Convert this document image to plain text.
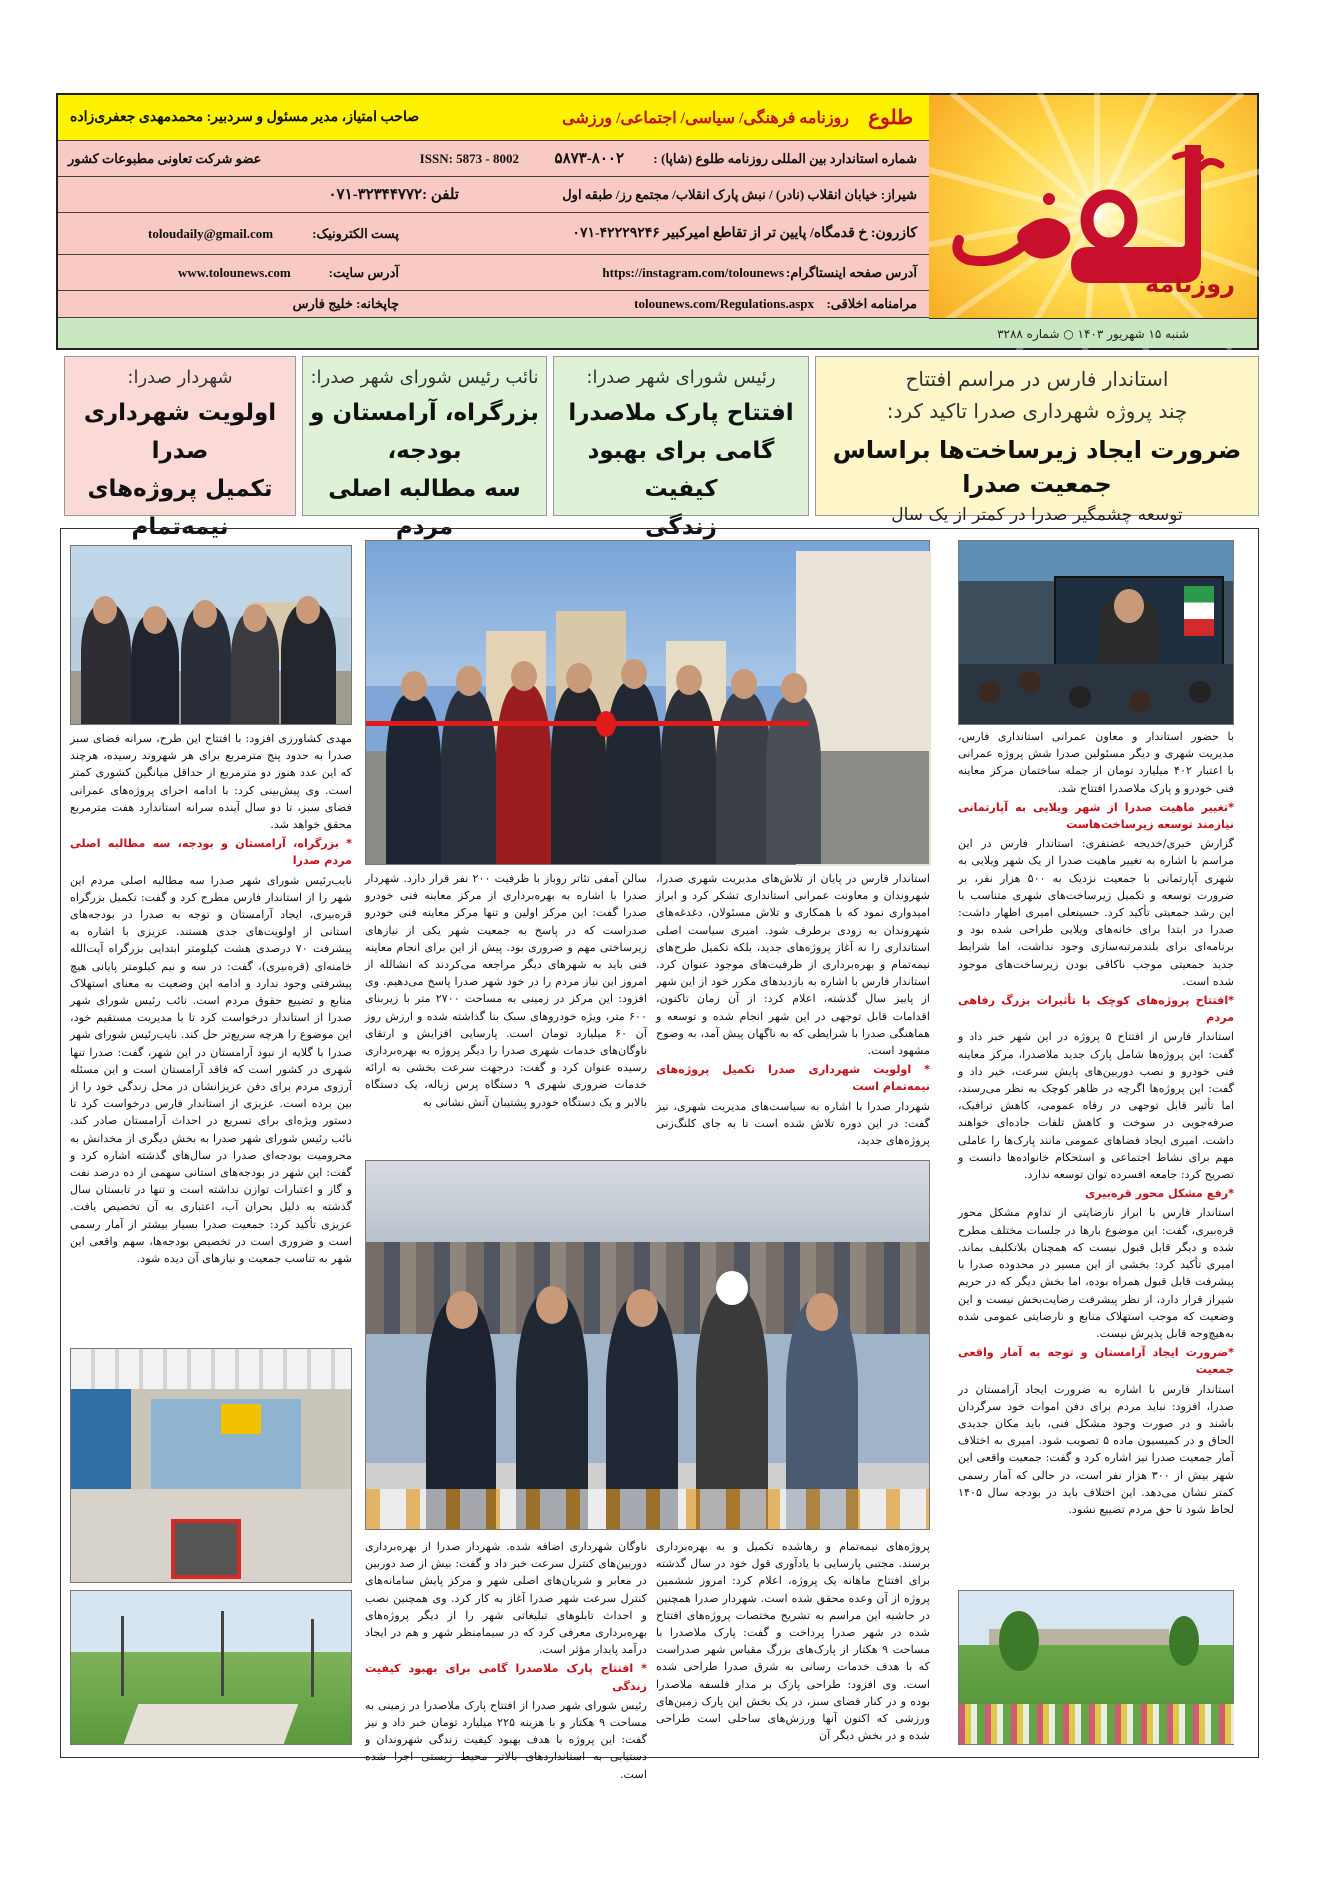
روزنامه
شنبه ۱۵ شهریور ۱۴۰۳ ○ شماره ۳۲۸۸
طلوع
روزنامه فرهنگی/ سیاسی/ اجتماعی/ ورزشی
صاحب امتیاز، مدیر مسئول و سردبیر: محمدمهدی جعفری‌زاده
شماره استاندارد بین المللی روزنامه طلوع (شاپا) :
۵۸۷۳-۸۰۰۲
ISSN: 5873 - 8002
عضو شرکت تعاونی مطبوعات کشور
شیراز: خیابان انقلاب (نادر) / نبش پارک انقلاب/ مجتمع رز/ طبقه اول
تلفن :۳۲۳۴۴۷۷۲-۰۷۱
کازرون: خ قدمگاه/ پایین تر از تقاطع امیرکبیر ۴۲۲۲۹۲۴۶-۰۷۱
پست الکترونیک:
toloudaily@gmail.com
آدرس صفحه اینستاگرام:
https://instagram.com/tolounews
آدرس سایت:
www.tolounews.com
مرامنامه اخلاقی:
tolounews.com/Regulations.aspx
چاپخانه: خلیج فارس
استاندار فارس در مراسم افتتاح
چند پروژه شهرداری صدرا تاکید کرد:
ضرورت ایجاد زیرساخت‌ها براساس جمعیت صدرا
توسعه چشمگیر صدرا در کمتر از یک سال
رئیس شورای شهر صدرا:
افتتاح پارک ملاصدرا
گامی برای بهبود کیفیت
زندگی
نائب رئیس شورای شهر صدرا:
بزرگراه، آرامستان و بودجه،
سه مطالبه اصلی مردم
شهردار صدرا:
اولویت شهرداری صدرا
تکمیل پروژه‌های نیمه‌تمام

با حضور استاندار و معاون عمرانی استانداری فارس، مدیریت شهری و دیگر مسئولین صدرا شش پروژه عمرانی با اعتبار ۴۰۲ میلیارد تومان از جمله ساختمان مرکز معاینه فنی خودرو و پارک ملاصدرا افتتاح شد.

*تغییر ماهیت صدرا از شهر ویلایی به آپارتمانی نیازمند توسعه زیرساخت‌هاست

گزارش خبری/خدیجه غضنفری: استاندار فارس در این مراسم با اشاره به تغییر ماهیت صدرا از یک شهر ویلایی به شهری آپارتمانی با جمعیت نزدیک به ۵۰۰ هزار نفر، بر ضرورت توسعه و تکمیل زیرساخت‌های شهری متناسب با این رشد جمعیتی تأکید کرد. حسینعلی امیری اظهار داشت: صدرا در ابتدا برای خانه‌های ویلایی طراحی شده بود و برنامه‌ای برای بلندمرتبه‌سازی وجود نداشت، اما شرایط جدید جمعیتی موجب ناکافی بودن زیرساخت‌های موجود شده است.

*افتتاح پروژه‌های کوچک با تأثیرات بزرگ رفاهی مردم

استاندار فارس از افتتاح ۵ پروژه در این شهر خبر داد و گفت: این پروژه‌ها شامل پارک جدید ملاصدرا، مرکز معاینه فنی خودرو و نصب دوربین‌های پایش سرعت، خیر داد و گفت: این پروژه‌ها اگرچه در ظاهر کوچک به نظر می‌رسند، اما تأثیر قابل توجهی در رفاه عمومی، کاهش ترافیک، صرفه‌جویی در سوخت و کاهش تلفات جاده‌ای خواهند داشت. امیری ایجاد فضاهای عمومی مانند پارک‌ها را عاملی مهم برای نشاط اجتماعی و استحکام خانواده‌ها دانست و تصریح کرد: جامعه افسرده توان توسعه ندارد.

*رفع مشکل محور قرەبیری

استاندار فارس با ابراز نارضایتی از تداوم مشکل محور قره‌بیری، گفت: این موضوع بارها در جلسات مختلف مطرح شده و دیگر قابل قبول نیست که همچنان بلاتکلیف بماند. امیری تأکید کرد: بخشی از این مسیر در محدوده صدرا با پیشرفت قابل قبول همراه بوده، اما بخش دیگر که در حریم شیراز قرار دارد، از نظر پیشرفت رضایت‌بخش نیست و این وضعیت که موجب استهلاک منابع و نارضایتی عمومی شده به‌هیچ‌وجه قابل پذیرش نیست.

*ضرورت ایجاد آرامستان و توجه به آمار واقعی جمعیت

استاندار فارس با اشاره به ضرورت ایجاد آرامستان در صدرا، افزود: نباید مردم برای دفن اموات خود سرگردان باشند و در صورت وجود مشکل فنی، باید مکان جدیدی الحاق و در کمیسیون ماده ۵ تصویب شود. امیری به اختلاف آمار جمعیت صدرا نیز اشاره کرد و گفت: جمعیت واقعی این شهر بیش از ۳۰۰ هزار نفر است، در حالی که آمار رسمی کمتر نشان می‌دهد. این اختلاف باید در بودجه سال ۱۴۰۵ لحاظ شود تا حق مردم تضییع نشود.

استاندار فارس در پایان از تلاش‌های مدیریت شهری صدرا، شهروندان و معاونت عمرانی استانداری تشکر کرد و ابراز امیدواری نمود که با همکاری و تلاش مسئولان، دغدغه‌های شهروندان به زودی برطرف شود. امیری سیاست اصلی استانداری را نه آغاز پروژه‌های جدید، بلکه تکمیل طرح‌های نیمه‌تمام و بهره‌برداری از ظرفیت‌های موجود عنوان کرد. استاندار فارس با اشاره به بازدیدهای مکرر خود از این شهر از پاییز سال گذشته، اعلام کرد: از آن زمان تاکنون، اقدامات قابل توجهی در این شهر انجام شده و توسعه و هماهنگی صدرا با شرایطی که به ناگهان پیش آمد، به وضوح مشهود است.

* اولویت شهرداری صدرا تکمیل پروژه‌های نیمه‌تمام است

شهردار صدرا با اشاره به سیاست‌های مدیریت شهری، نیز گفت: در این دوره تلاش شده است تا به جای کلنگ‌زنی پروژه‌های جدید،

سالن آمفی تئاتر روباز با ظرفیت ۲۰۰ نفر قرار دارد. شهردار صدرا با اشاره به بهره‌برداری از مرکز معاینه فنی خودرو صدرا گفت: این مرکز اولین و تنها مرکز معاینه فنی خودرو صدراست که در پاسخ به جمعیت شهر یکی از نیازهای زیرساختی مهم و ضروری بود. پیش از این برای انجام معاینه فنی باید به شهرهای دیگر مراجعه می‌کردند که انشالله از امروز این نیاز مردم را در خود شهر صدرا پاسخ می‌دهیم. وی افزود: این مرکز در زمینی به مساحت ۲۷۰۰ متر با زیربنای ۶۰۰ متر، ویژه خودروهای سبک بنا گذاشته شده و ارزش روز آن ۶۰ میلیارد تومان است. پارسایی افزایش و ارتقای ناوگان‌های خدمات شهری صدرا را دیگر پروژه به بهره‌برداری رسیده عنوان کرد و گفت: درجهت سرعت بخشی به ارائه خدمات ضروری شهری ۹ دستگاه پرس زباله، یک دستگاه بالابر و یک دستگاه خودرو پشتیبان آتش نشانی به

پروژه‌های نیمه‌تمام و رهاشده تکمیل و به بهره‌برداری برسند. مجتبی پارسایی با یادآوری قول خود در سال گذشته برای افتتاح ماهانه یک پروژه، اعلام کرد: امروز ششمین پروژه از آن وعده محقق شده است. شهردار صدرا همچنین در حاشیه این مراسم به تشریح مختصات پروژه‌های افتتاح شده در شهر صدرا پرداخت و گفت: پارک ملاصدرا با مساحت ۹ هکتار از پارک‌های بزرگ مقیاس شهر صدراست که با هدف خدمات رسانی به شرق صدرا طراحی شده است. وی افزود: طراحی پارک بر مدار فلسفه ملاصدرا بوده و در کنار فضای سبز، در یک بخش این پارک زمین‌های ورزشی که اکنون آنها ورزش‌های ساحلی است طراحی شده و در بخش دیگر آن

ناوگان شهرداری اضافه شده. شهردار صدرا از بهره‌برداری دوربین‌های کنترل سرعت خبر داد و گفت: بیش از صد دوربین در معابر و شریان‌های اصلی شهر و مرکز پایش سامانه‌های کنترل سرعت شهر صدرا آغاز به کار کرد. وی همچنین نصب و احداث تابلوهای تبلیغاتی شهر را از دیگر پروژه‌های بهره‌برداری معرفی کرد که در سیمامنظر شهر و هم در ایجاد درآمد پایدار مؤثر است.

* افتتاح پارک ملاصدرا گامی برای بهبود کیفیت زندگی

رئیس شورای شهر صدرا از افتتاح پارک ملاصدرا در زمینی به مساحت ۹ هکتار و با هزینه ۲۲۵ میلیارد تومان خبر داد و نیز گفت: این پروژه با هدف بهبود کیفیت زندگی شهروندان و دستیابی به استانداردهای بالاتر محیط زیستی اجرا شده است.

مهدی کشاورزی افزود: با افتتاح این طرح، سرانه فضای سبز صدرا به حدود پنج مترمربع برای هر شهروند رسیده، هرچند که این عدد هنوز دو مترمربع از حداقل میانگین کشوری کمتر است. وی پیش‌بینی کرد: با ادامه اجرای پروژه‌های عمرانی فضای سبز، تا دو سال آینده سرانه استاندارد هفت مترمربع محقق خواهد شد.

* بزرگراه، آرامستان و بودجه، سه مطالبه اصلی مردم صدرا

نایب‌رئیس شورای شهر صدرا سه مطالبه اصلی مردم این شهر را از استاندار فارس مطرح کرد و گفت: تکمیل بزرگراه قره‌بیری، ایجاد آرامستان و توجه به صدرا در بودجه‌های استانی از اولویت‌های جدی هستند. عزیزی با اشاره به پیشرفت ۷۰ درصدی هشت کیلومتر ابتدایی بزرگراه آیت‌الله خامنه‌ای (قره‌بیری)، گفت: در سه و نیم کیلومتر پایانی هیچ پیشرفتی وجود ندارد و ادامه این وضعیت به معنای استهلاک منابع و تضییع حقوق مردم است. نائب رئیس شورای شهر صدرا از استاندار درخواست کرد تا با مدیریت مستقیم خود، این موضوع را هرچه سریع‌تر حل کند. نایب‌رئیس شورای شهر صدرا با گلایه از نبود آرامستان در این شهر، گفت: صدرا تنها شهری در کشور است که فاقد آرامستان است و این مسئله آرزوی مردم برای دفن عزیزانشان در محل زندگی خود را از بین برده است. عزیزی از استاندار فارس درخواست کرد تا دستور ویژه‌ای برای تسریع در احداث آرامستان صادر کند. نائب رئیس شورای شهر صدرا به بخش دیگری از مخدانش به محرومیت بودجه‌ای صدرا در سال‌های گذشته اشاره کرد و گفت: این شهر در بودجه‌های استانی سهمی از ده درصد نفت و گاز و اعتبارات توازن نداشته است و تنها در تابستان سال گذشته به دلیل بحران آب، اعتباری به آن تخصیص یافت. عزیزی تأکید کرد: جمعیت صدرا بسیار بیشتر از آمار رسمی است و ضروری است در تخصیص بودجه‌ها، سهم واقعی این شهر به تناسب جمعیت و نیازهای آن دیده شود.
